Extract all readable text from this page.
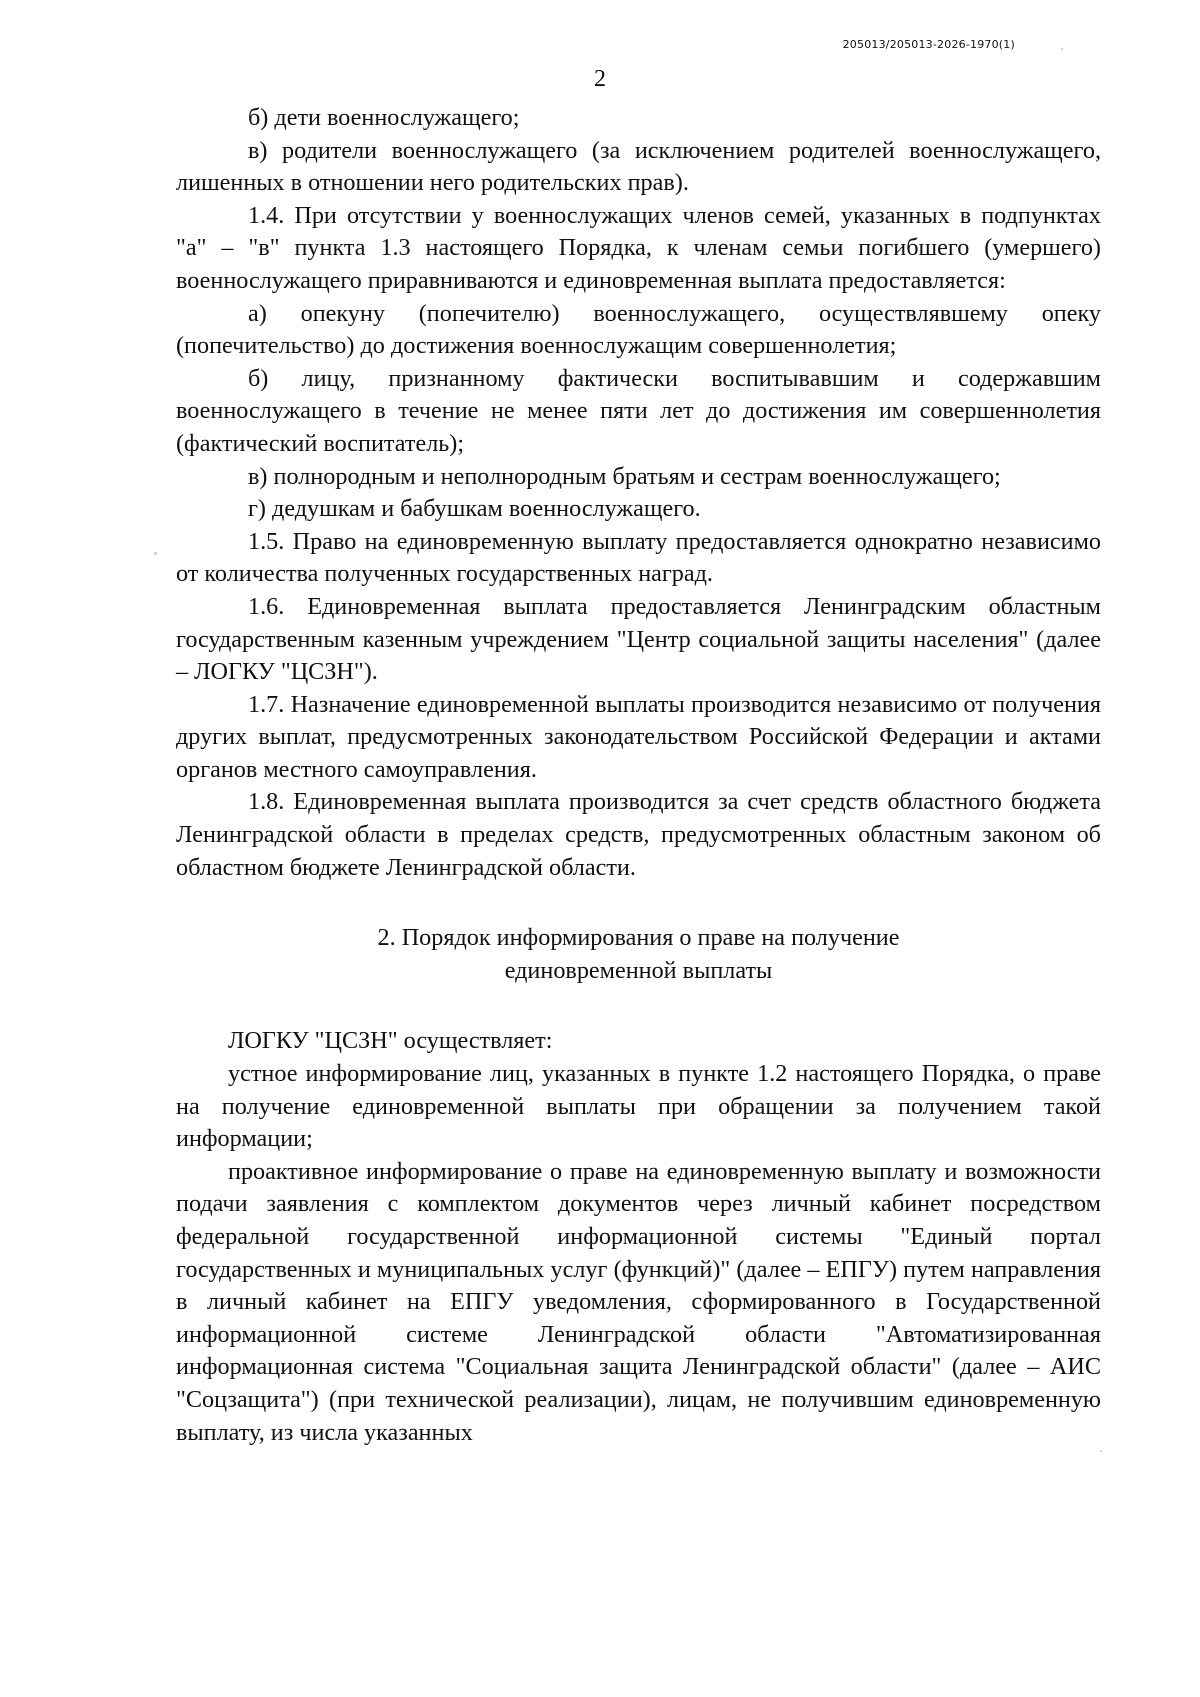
205013/205013-2026-1970(1)
2

б) дети военнослужащего;

в) родители военнослужащего (за исключением родителей военнослужащего, лишенных в отношении него родительских прав).

1.4. При отсутствии у военнослужащих членов семей, указанных в подпунктах "а" – "в" пункта 1.3 настоящего Порядка, к членам семьи погибшего (умершего) военнослужащего приравниваются и единовременная выплата предоставляется:

а) опекуну (попечителю) военнослужащего, осуществлявшему опеку (попечительство) до достижения военнослужащим совершеннолетия;

б) лицу, признанному фактически воспитывавшим и содержавшим военнослужащего в течение не менее пяти лет до достижения им совершеннолетия (фактический воспитатель);

в) полнородным и неполнородным братьям и сестрам военнослужащего;

г) дедушкам и бабушкам военнослужащего.

1.5. Право на единовременную выплату предоставляется однократно независимо от количества полученных государственных наград.

1.6. Единовременная выплата предоставляется Ленинградским областным государственным казенным учреждением "Центр социальной защиты населения" (далее – ЛОГКУ "ЦСЗН").

1.7. Назначение единовременной выплаты производится независимо от получения других выплат, предусмотренных законодательством Российской Федерации и актами органов местного самоуправления.

1.8. Единовременная выплата производится за счет средств областного бюджета Ленинградской области в пределах средств, предусмотренных областным законом об областном бюджете Ленинградской области.

2. Порядок информирования о праве на получение

единовременной выплаты

ЛОГКУ "ЦСЗН" осуществляет:

устное информирование лиц, указанных в пункте 1.2 настоящего Порядка, о праве на получение единовременной выплаты при обращении за получением такой информации;

проактивное информирование о праве на единовременную выплату и возможности подачи заявления с комплектом документов через личный кабинет посредством федеральной государственной информационной системы "Единый портал государственных и муниципальных услуг (функций)" (далее – ЕПГУ) путем направления в личный кабинет на ЕПГУ уведомления, сформированного в Государственной информационной системе Ленинградской области "Автоматизированная информационная система "Социальная защита Ленинградской области" (далее – АИС "Соцзащита") (при технической реализации), лицам, не получившим единовременную выплату, из числа указанных
